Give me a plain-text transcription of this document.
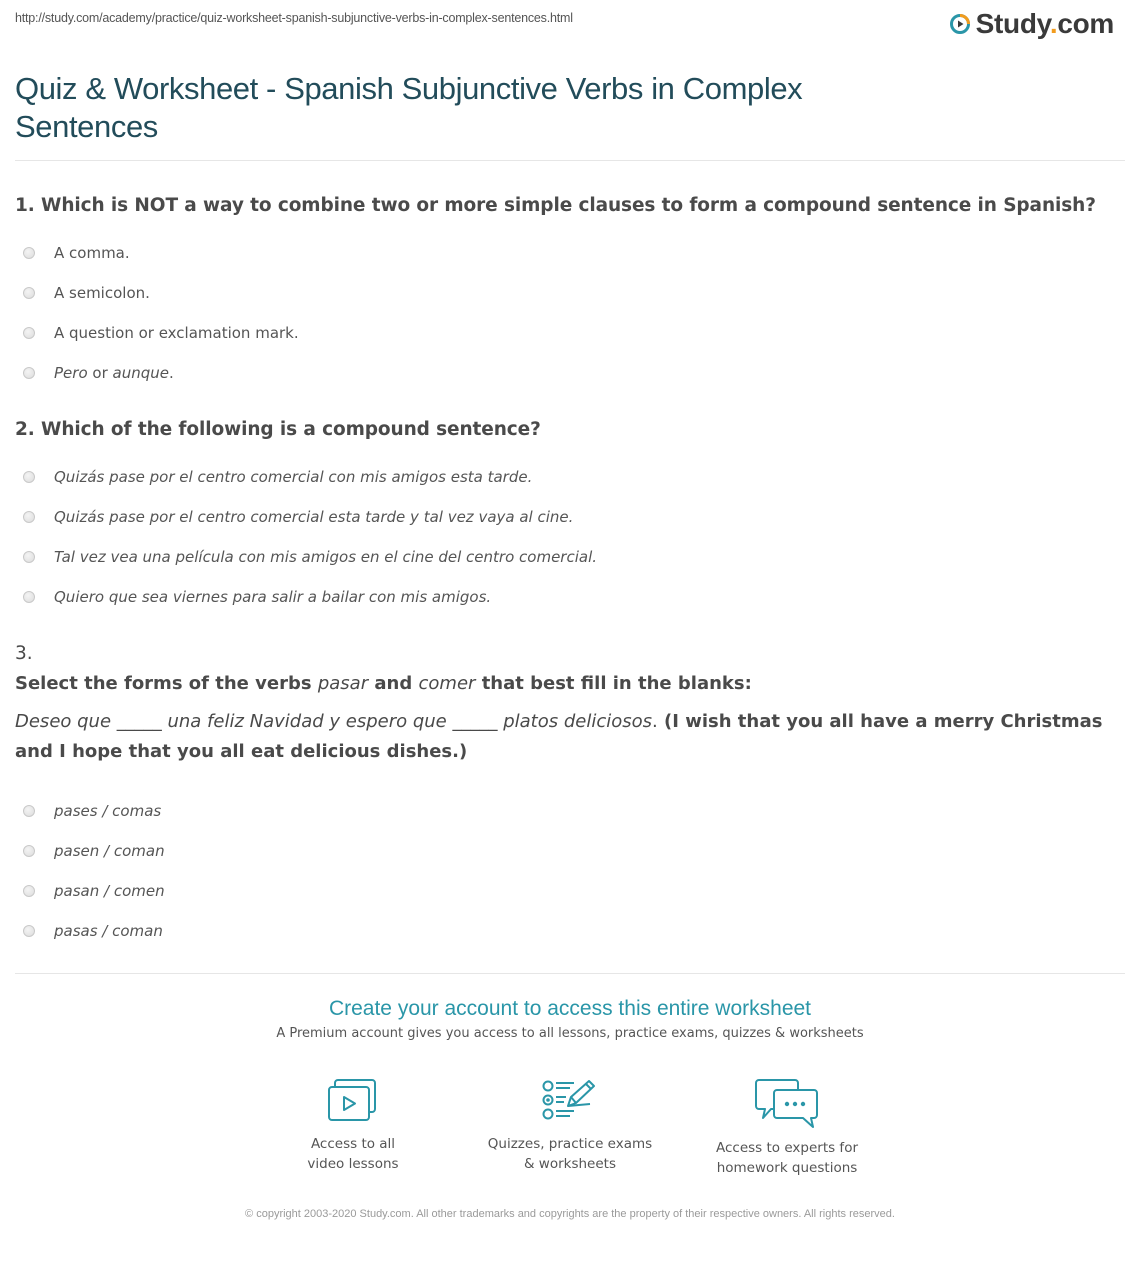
http://study.com/academy/practice/quiz-worksheet-spanish-subjunctive-verbs-in-complex-sentences.html	Study.com
Quiz & Worksheet - Spanish Subjunctive Verbs in Complex Sentences
1. Which is NOT a way to combine two or more simple clauses to form a compound sentence in Spanish?
A comma.
A semicolon.
A question or exclamation mark.
Pero or aunque.
2. Which of the following is a compound sentence?
Quizás pase por el centro comercial con mis amigos esta tarde.
Quizás pase por el centro comercial esta tarde y tal vez vaya al cine.
Tal vez vea una película con mis amigos en el cine del centro comercial.
Quiero que sea viernes para salir a bailar con mis amigos.
3.
Select the forms of the verbs pasar and comer that best fill in the blanks:
Deseo que _____ una feliz Navidad y espero que _____ platos deliciosos. (I wish that you all have a merry Christmas and I hope that you all eat delicious dishes.)
pases / comas
pasen / coman
pasan / comen
pasas / coman
Create your account to access this entire worksheet
A Premium account gives you access to all lessons, practice exams, quizzes & worksheets
Access to all
video lessons
Quizzes, practice exams
& worksheets
Access to experts for
homework questions
© copyright 2003-2020 Study.com. All other trademarks and copyrights are the property of their respective owners. All rights reserved.
